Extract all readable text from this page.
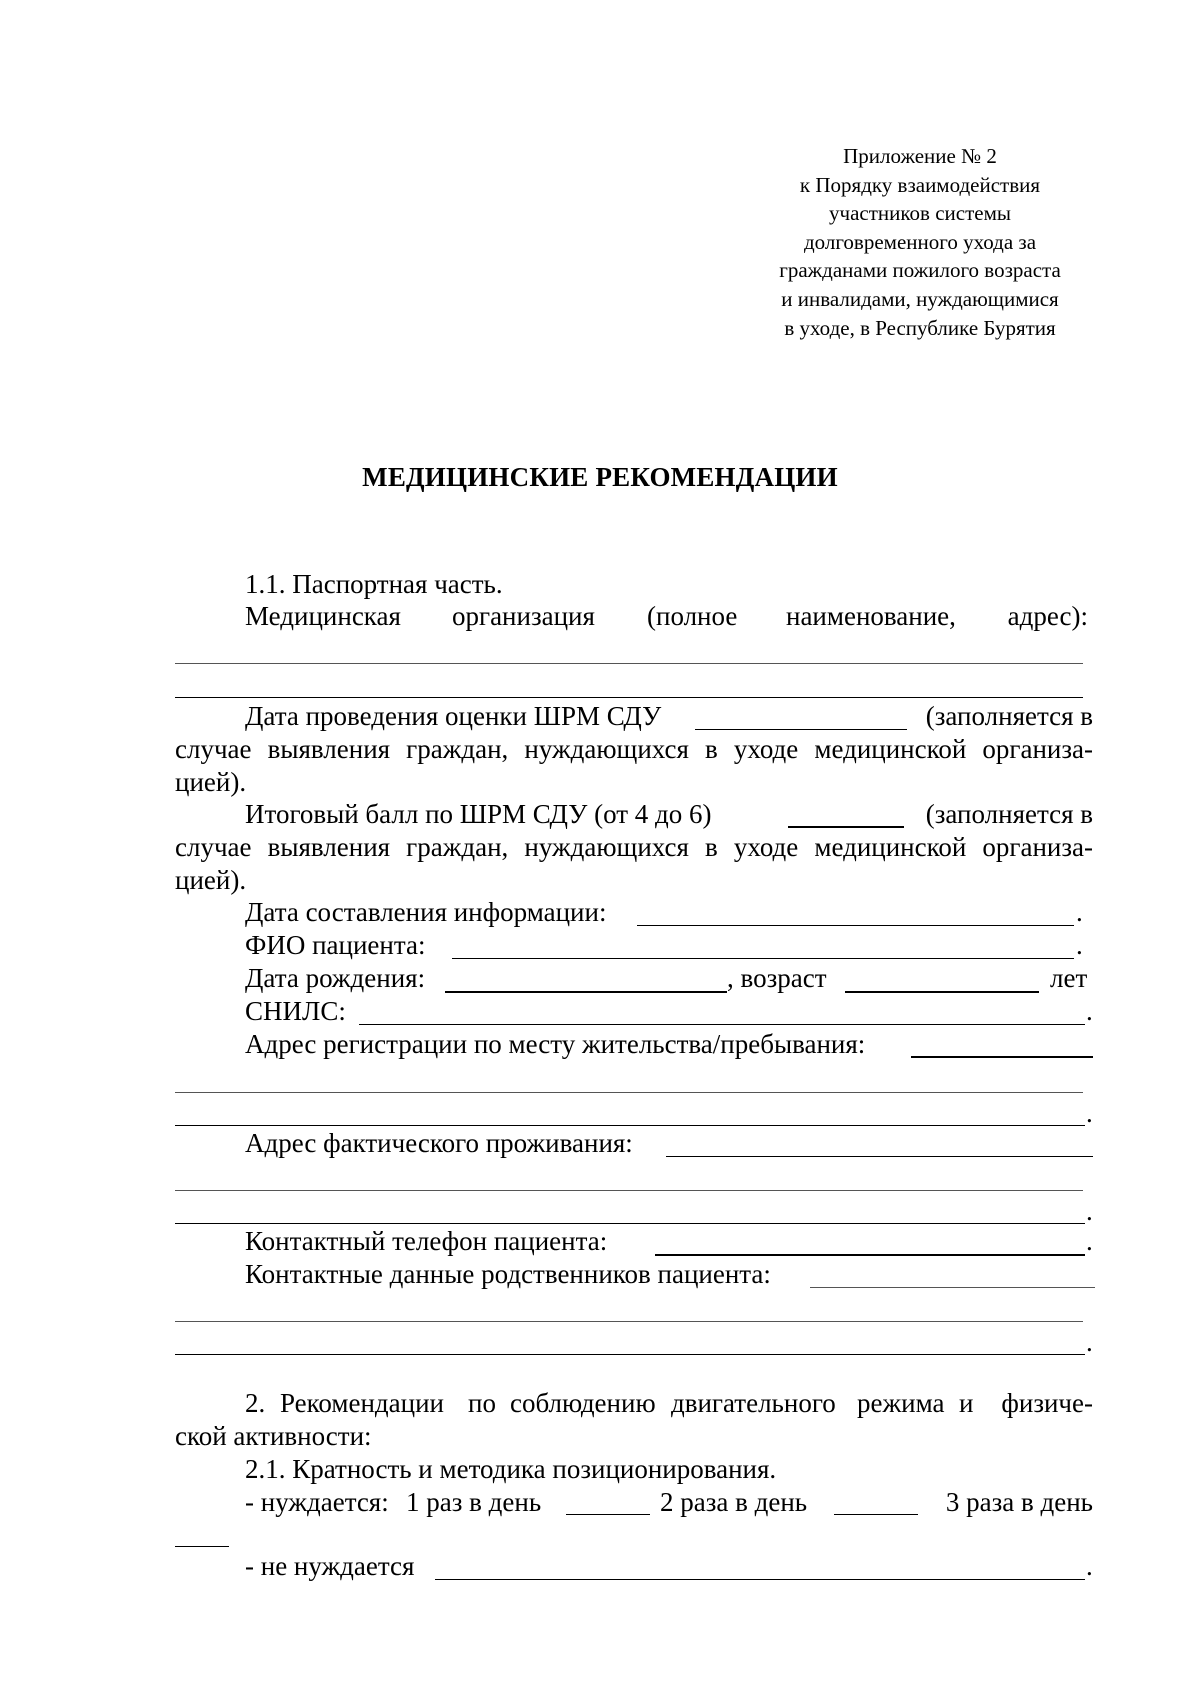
Приложение № 2
к Порядку взаимодействия
участников системы
долговременного ухода за
гражданами пожилого возраста
и инвалидами, нуждающимися
в уходе, в Республике Бурятия
МЕДИЦИНСКИЕ РЕКОМЕНДАЦИИ
1.1. Паспортная часть.
Медицинская организация (полное наименование, адрес):
Дата проведения оценки ШРМ СДУ	(заполняется в
случае выявления граждан, нуждающихся в уходе медицинской организа-
цией).
Итоговый балл по ШРМ СДУ (от 4 до 6)	(заполняется в
случае выявления граждан, нуждающихся в уходе медицинской организа-
цией).
Дата составления информации:	.
ФИО пациента:	.
Дата рождения:	, возраст	лет
СНИЛС:	.
Адрес регистрации по месту жительства/пребывания:
.
Адрес фактического проживания:
.
Контактный телефон пациента:	.
Контактные данные родственников пациента:
.
2. Рекомендации по соблюдению двигательного режима и физиче-
ской активности:
2.1. Кратность и методика позиционирования.
- нуждается: 1 раз в день	2 раза в день	3 раза в день
- не нуждается	.
